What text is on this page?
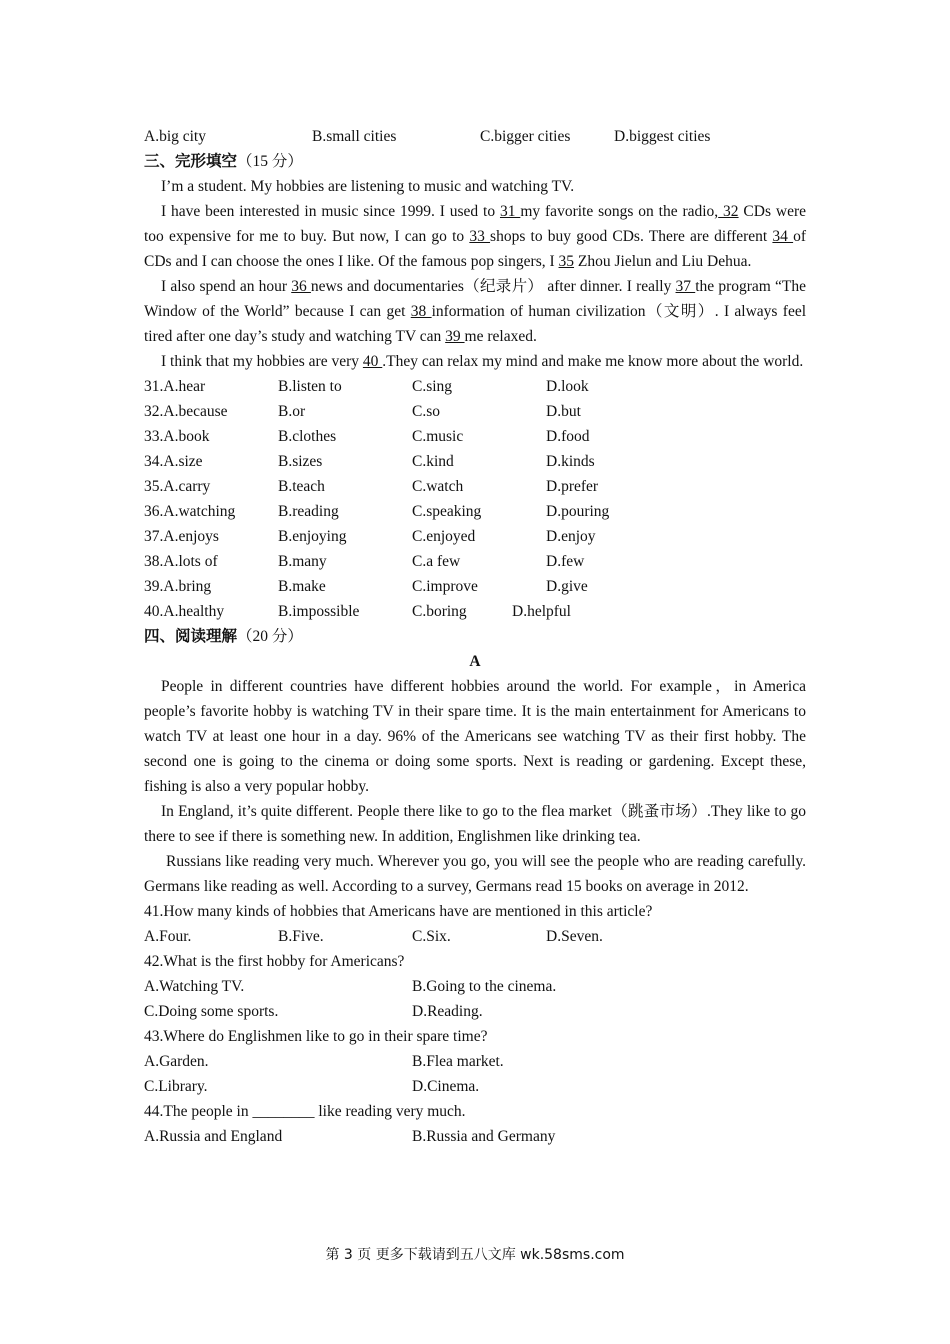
A.big city	B.small cities	C.bigger cities	D.biggest cities
三、完形填空（15 分）
I’m a student. My hobbies are listening to music and watching TV.
I have been interested in music since 1999. I used to 31 my favorite songs on the radio, 32 CDs were too expensive for me to buy. But now, I can go to 33 shops to buy good CDs. There are different 34 of CDs and I can choose the ones I like. Of the famous pop singers, I 35 Zhou Jielun and Liu Dehua.
I also spend an hour 36 news and documentaries（纪录片） after dinner. I really 37 the program “The Window of the World” because I can get 38 information of human civilization（文明）. I always feel tired after one day’s study and watching TV can 39 me relaxed.
I think that my hobbies are very 40 .They can relax my mind and make me know more about the world.
31.A.hear	B.listen to	C.sing	D.look
32.A.because	B.or	C.so	D.but
33.A.book	B.clothes	C.music	D.food
34.A.size	B.sizes	C.kind	D.kinds
35.A.carry	B.teach	C.watch	D.prefer
36.A.watching	B.reading	C.speaking	D.pouring
37.A.enjoys	B.enjoying	C.enjoyed	D.enjoy
38.A.lots of	B.many	C.a few	D.few
39.A.bring	B.make	C.improve	D.give
40.A.healthy	B.impossible	C.boring	D.helpful
四、阅读理解（20 分）
A
People in different countries have different hobbies around the world. For example，in America people’s favorite hobby is watching TV in their spare time. It is the main entertainment for Americans to watch TV at least one hour in a day. 96% of the Americans see watching TV as their first hobby. The second one is going to the cinema or doing some sports. Next is reading or gardening. Except these, fishing is also a very popular hobby.
In England, it’s quite different. People there like to go to the flea market（跳蚤市场）.They like to go there to see if there is something new. In addition, Englishmen like drinking tea.
Russians like reading very much. Wherever you go, you will see the people who are reading carefully. Germans like reading as well. According to a survey, Germans read 15 books on average in 2012.
41.How many kinds of hobbies that Americans have are mentioned in this article?
A.Four.	B.Five.	C.Six.	D.Seven.
42.What is the first hobby for Americans?
A.Watching TV.	B.Going to the cinema.
C.Doing some sports.	D.Reading.
43.Where do Englishmen like to go in their spare time?
A.Garden.	B.Flea market.
C.Library.	D.Cinema.
44.The people in ________ like reading very much.
A.Russia and England	B.Russia and Germany
第 3 页 更多下载请到五八文库 wk.58sms.com
